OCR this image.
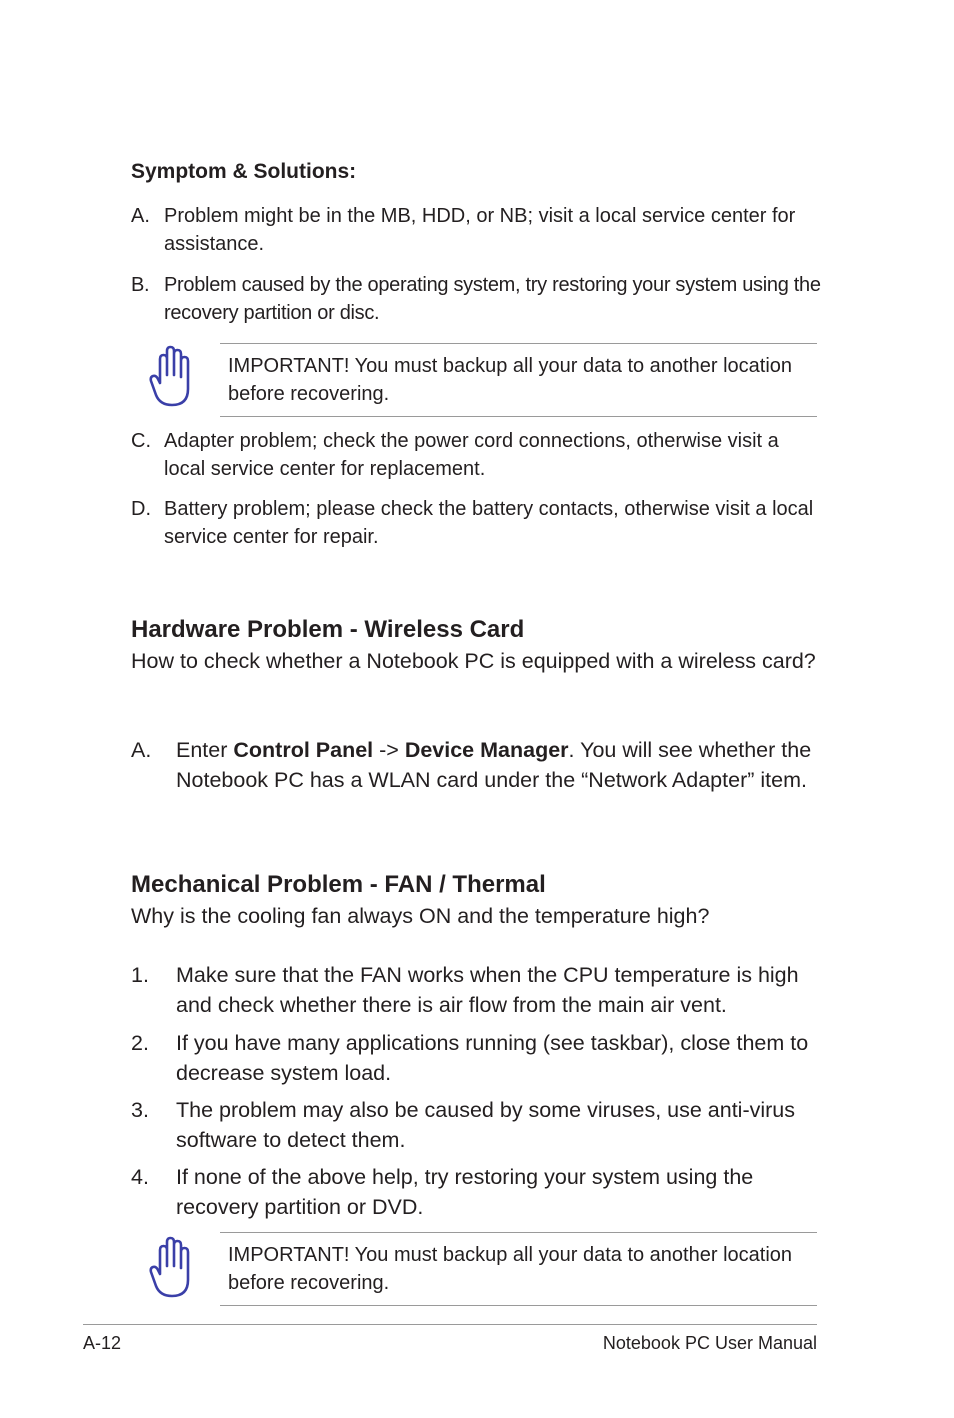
Symptom & Solutions:
A. Problem might be in the MB, HDD, or NB; visit a local service center for assistance.
B. Problem caused by the operating system, try restoring your system using the recovery partition or disc.
IMPORTANT! You must backup all your data to another location before recovering.
C. Adapter problem; check the power cord connections, otherwise visit a local service center for replacement.
D. Battery problem; please check the battery contacts, otherwise visit a local service center for repair.
Hardware Problem - Wireless Card
How to check whether a Notebook PC is equipped with a wireless card?
A. Enter Control Panel -> Device Manager. You will see whether the Notebook PC has a WLAN card under the “Network Adapter” item.
Mechanical Problem - FAN / Thermal
Why is the cooling fan always ON and the temperature high?
1. Make sure that the FAN works when the CPU temperature is high and check whether there is air flow from the main air vent.
2. If you have many applications running (see taskbar), close them to decrease system load.
3. The problem may also be caused by some viruses, use anti-virus software to detect them.
4. If none of the above help, try restoring your system using the recovery partition or DVD.
IMPORTANT! You must backup all your data to another location before recovering.
A-12	Notebook PC User Manual
